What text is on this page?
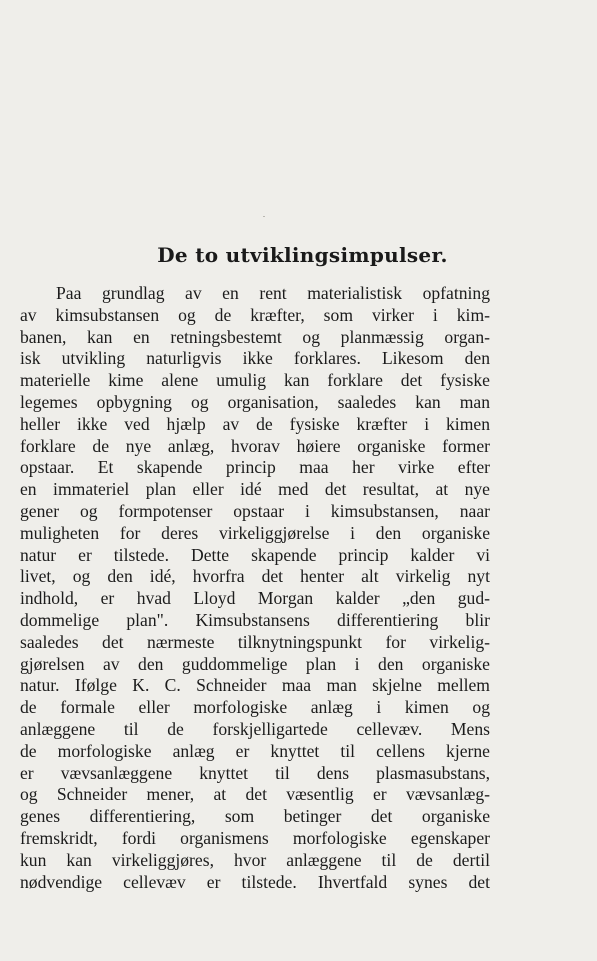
De to utviklingsimpulser.
Paa grundlag av en rent materialistisk opfatning
av kimsubstansen og de kræfter, som virker i kim-
banen, kan en retningsbestemt og planmæssig organ-
isk utvikling naturligvis ikke forklares. Likesom den
materielle kime alene umulig kan forklare det fysiske
legemes opbygning og organisation, saaledes kan man
heller ikke ved hjælp av de fysiske kræfter i kimen
forklare de nye anlæg, hvorav høiere organiske former
opstaar. Et skapende princip maa her virke efter
en immateriel plan eller idé med det resultat, at nye
gener og formpotenser opstaar i kimsubstansen, naar
muligheten for deres virkeliggjørelse i den organiske
natur er tilstede. Dette skapende princip kalder vi
livet, og den idé, hvorfra det henter alt virkelig nyt
indhold, er hvad Lloyd Morgan kalder „den gud-
dommelige plan". Kimsubstansens differentiering blir
saaledes det nærmeste tilknytningspunkt for virkelig-
gjørelsen av den guddommelige plan i den organiske
natur. Ifølge K. C. Schneider maa man skjelne mellem
de formale eller morfologiske anlæg i kimen og
anlæggene til de forskjelligartede cellevæv. Mens
de morfologiske anlæg er knyttet til cellens kjerne
er vævsanlæggene knyttet til dens plasmasubstans,
og Schneider mener, at det væsentlig er vævsanlæg-
genes differentiering, som betinger det organiske
fremskridt, fordi organismens morfologiske egenskaper
kun kan virkeliggjøres, hvor anlæggene til de dertil
nødvendige cellevæv er tilstede. Ihvertfald synes det
